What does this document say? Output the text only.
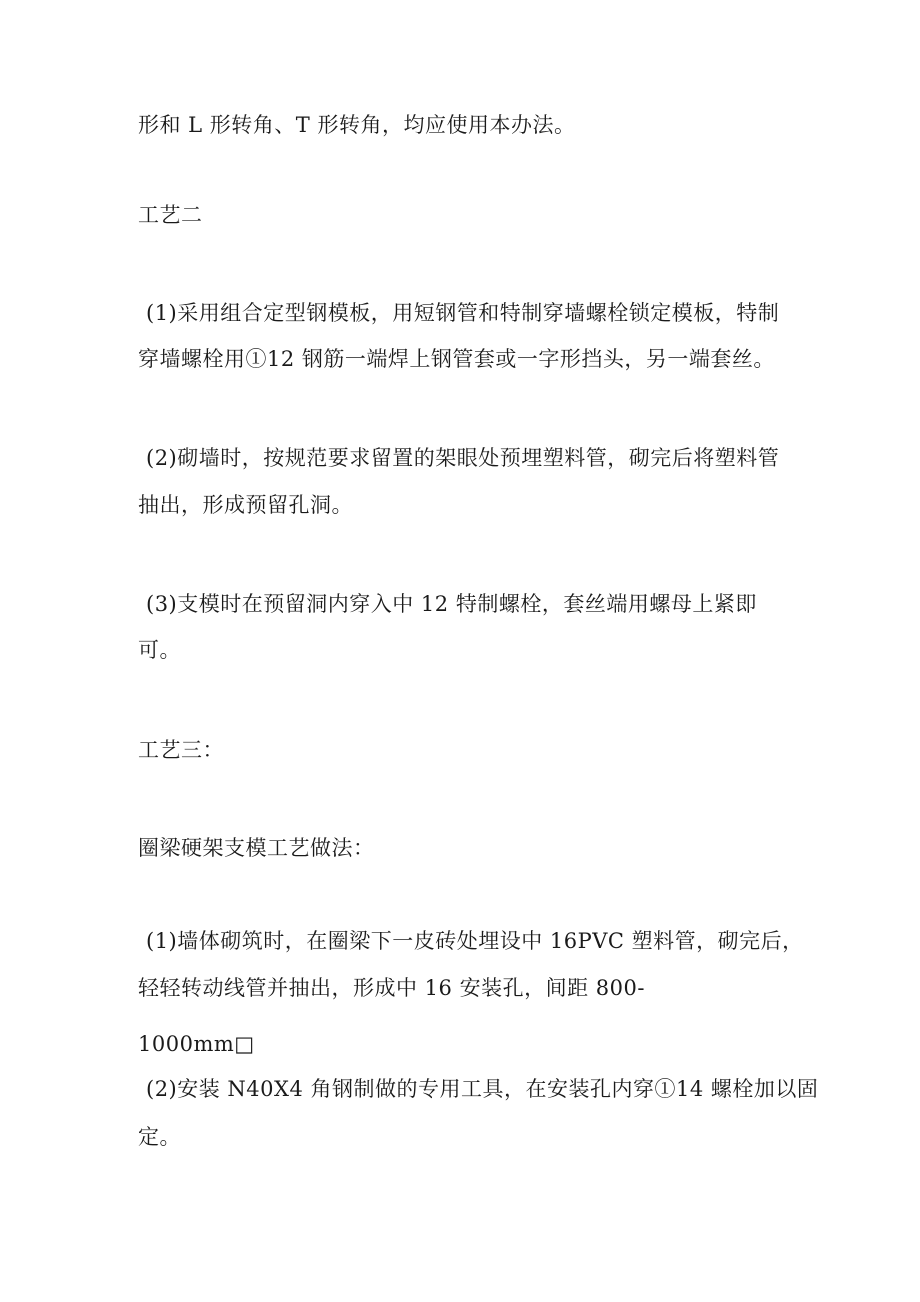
形和 L 形转角、T 形转角，均应使用本办法。
工艺二
(1)采用组合定型钢模板，用短钢管和特制穿墙螺栓锁定模板，特制
穿墙螺栓用①12 钢筋一端焊上钢管套或一字形挡头，另一端套丝。
(2)砌墙时，按规范要求留置的架眼处预埋塑料管，砌完后将塑料管
抽出，形成预留孔洞。
(3)支模时在预留洞内穿入中 12 特制螺栓，套丝端用螺母上紧即
可。
工艺三：
圈梁硬架支模工艺做法：
(1)墙体砌筑时，在圈梁下一皮砖处埋设中 16PVC 塑料管，砌完后，
轻轻转动线管并抽出，形成中 16 安装孔，间距 800-
1000mm□
(2)安装 N40X4 角钢制做的专用工具，在安装孔内穿①14 螺栓加以固
定。
